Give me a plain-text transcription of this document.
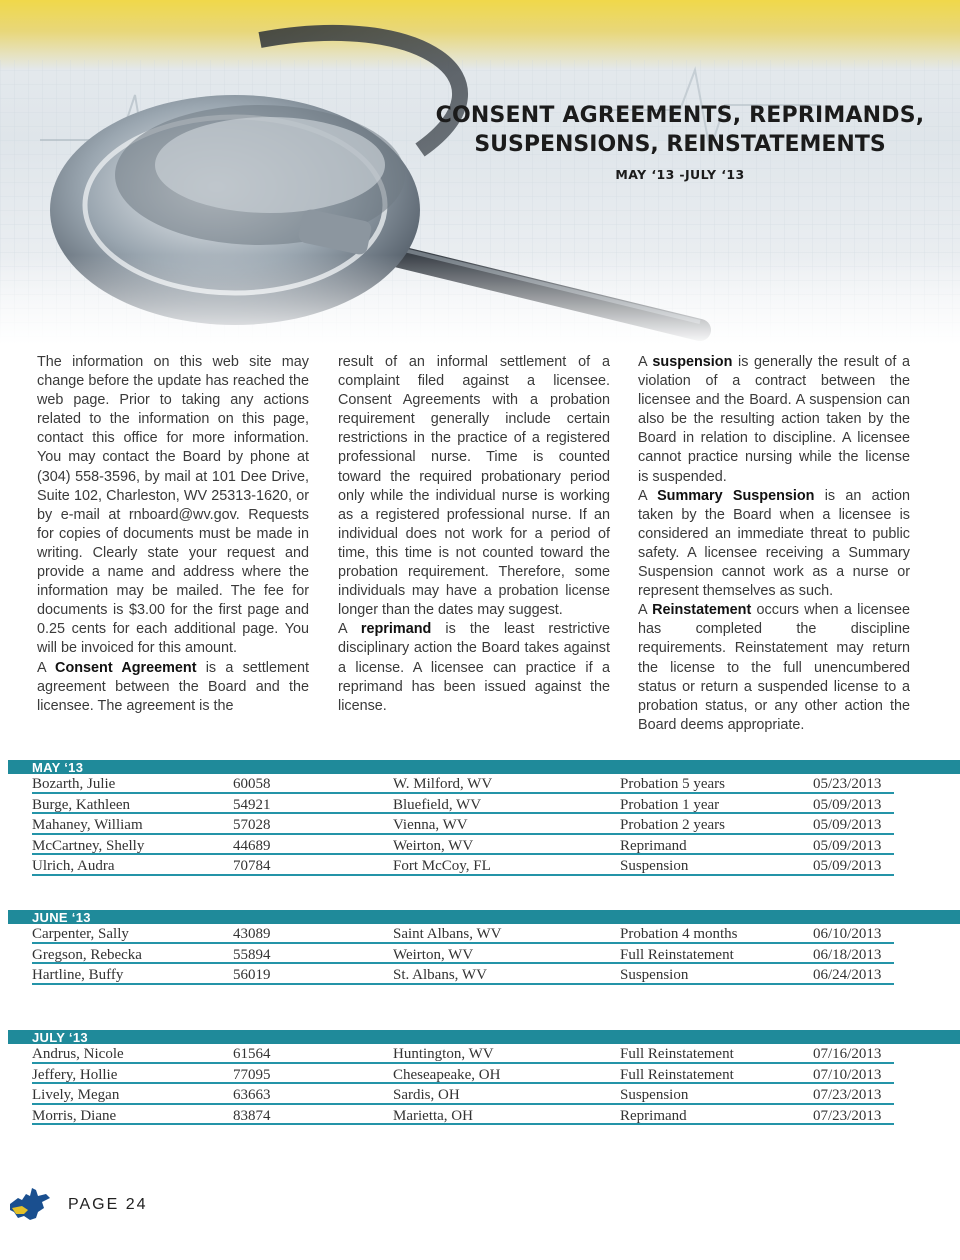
CONSENT AGREEMENTS, REPRIMANDS,
SUSPENSIONS, REINSTATEMENTS
MAY ‘13 -JULY ‘13

The information on this web site may change before the update has reached the web page. Prior to taking any actions related to the information on this page, contact this office for more information. You may contact the Board by phone at (304) 558-3596, by mail at 101 Dee Drive, Suite 102, Charleston, WV 25313-1620, or by e-mail at rnboard@wv.gov. Requests for copies of documents must be made in writing. Clearly state your request and provide a name and address where the information may be mailed. The fee for documents is $3.00 for the first page and 0.25 cents for each additional page. You will be invoiced for this amount.

A Consent Agreement is a settlement agreement between the Board and the licensee. The agreement is the

result of an informal settlement of a complaint filed against a licensee. Consent Agreements with a probation requirement generally include certain restrictions in the practice of a registered professional nurse. Time is counted toward the required probationary period only while the individual nurse is working as a registered professional nurse. If an individual does not work for a period of time, this time is not counted toward the probation requirement. Therefore, some individuals may have a probation license longer than the dates may suggest.

A reprimand is the least restrictive disciplinary action the Board takes against a license. A licensee can practice if a reprimand has been issued against the license.

A suspension is generally the result of a violation of a contract between the licensee and the Board. A suspension can also be the resulting action taken by the Board in relation to discipline. A licensee cannot practice nursing while the license is suspended.

A Summary Suspension is an action taken by the Board when a licensee is considered an immediate threat to public safety. A licensee receiving a Summary Suspension cannot work as a nurse or represent themselves as such.

A Reinstatement occurs when a licensee has completed the discipline requirements. Reinstatement may return the license to the full unencumbered status or return a suspended license to a probation status, or any other action the Board deems appropriate.

MAY ‘13
Bozarth, Julie	60058	W. Milford, WV	Probation 5 years	05/23/2013
Burge, Kathleen	54921	Bluefield, WV	Probation 1 year	05/09/2013
Mahaney, William	57028	Vienna, WV	Probation 2 years	05/09/2013
McCartney, Shelly	44689	Weirton, WV	Reprimand	05/09/2013
Ulrich, Audra	70784	Fort McCoy, FL	Suspension	05/09/2013
JUNE ‘13
Carpenter, Sally	43089	Saint Albans, WV	Probation 4 months	06/10/2013
Gregson, Rebecka	55894	Weirton, WV	Full Reinstatement	06/18/2013
Hartline, Buffy	56019	St. Albans, WV	Suspension	06/24/2013
JULY ‘13
Andrus, Nicole	61564	Huntington, WV	Full Reinstatement	07/16/2013
Jeffery, Hollie	77095	Cheseapeake, OH	Full Reinstatement	07/10/2013
Lively, Megan	63663	Sardis, OH	Suspension	07/23/2013
Morris, Diane	83874	Marietta, OH	Reprimand	07/23/2013
PAGE 24
